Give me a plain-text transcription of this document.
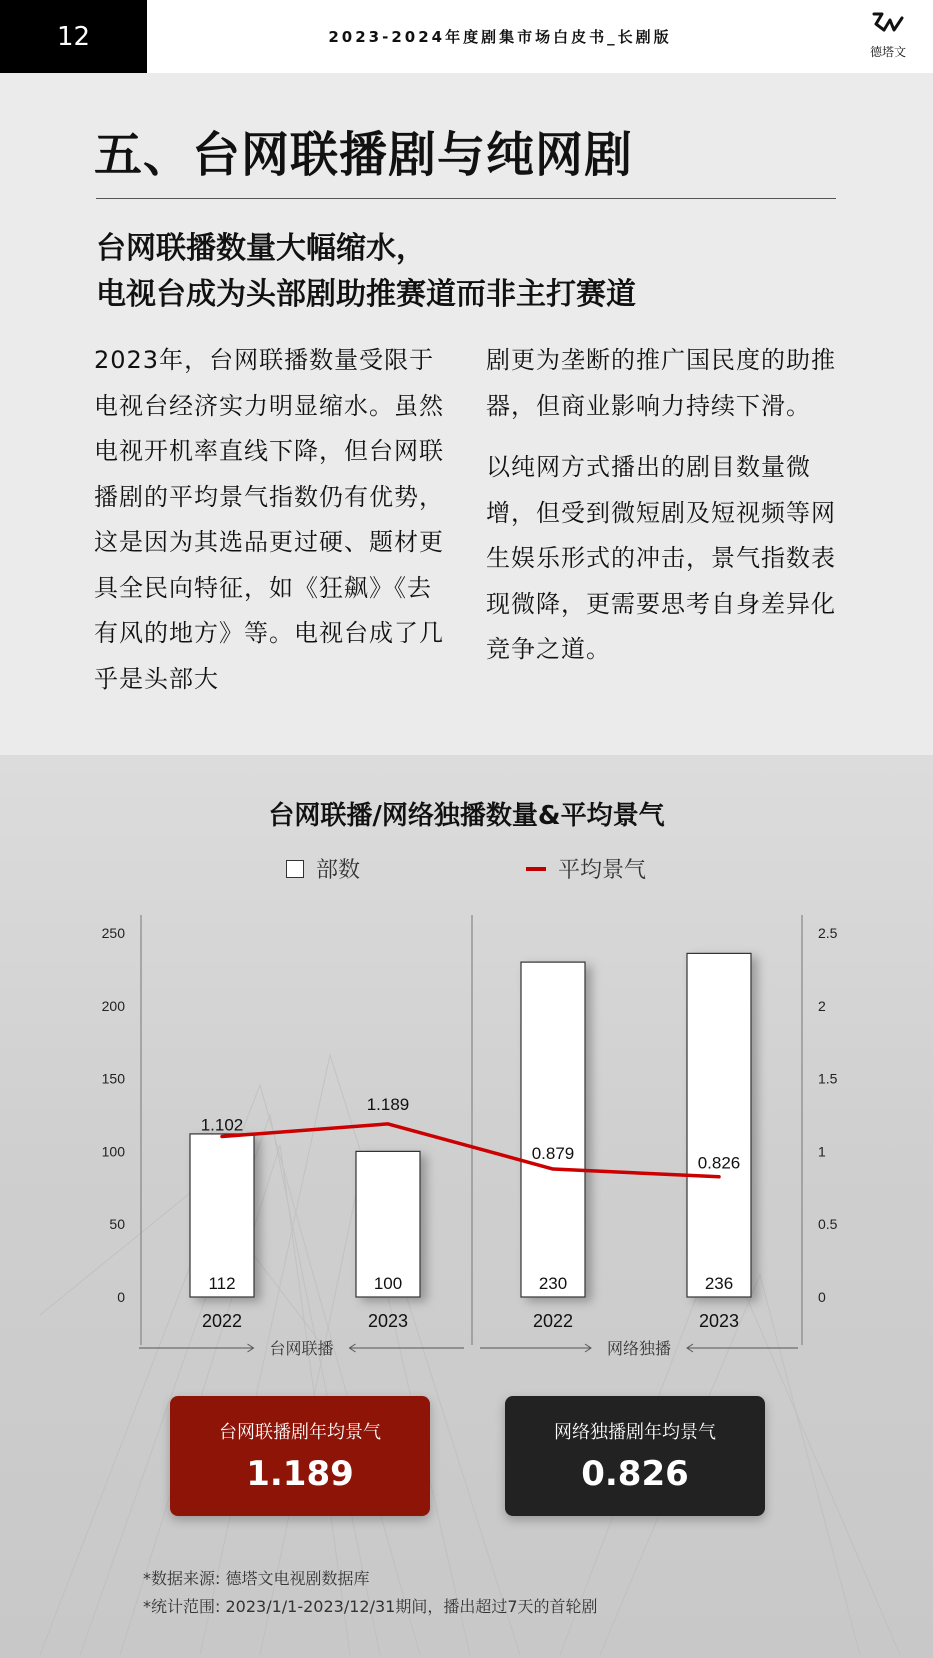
12	2023-2024年度剧集市场白皮书_长剧版
德塔文
五、台网联播剧与纯网剧
台网联播数量大幅缩水，
电视台成为头部剧助推赛道而非主打赛道

2023年，台网联播数量受限于电视台经济实力明显缩水。虽然电视开机率直线下降，但台网联播剧的平均景气指数仍有优势，这是因为其选品更过硬、题材更具全民向特征，如《狂飙》《去有风的地方》等。电视台成了几乎是头部大

剧更为垄断的推广国民度的助推器，但商业影响力持续下滑。

以纯网方式播出的剧目数量微增，但受到微短剧及短视频等网生娱乐形式的冲击，景气指数表现微降，更需要思考自身差异化竞争之道。

台网联播/网络独播数量&平均景气
部数	平均景气
0
50
100
150
200
250
0
0.5
1
1.5
2
2.5
112
2022
100
2023
230
2022
236
2023
1.102
1.189
0.879
0.826
台网联播	网络独播
台网联播剧年均景气
1.189
网络独播剧年均景气
0.826
*数据来源: 德塔文电视剧数据库
*统计范围: 2023/1/1-2023/12/31期间，播出超过7天的首轮剧
